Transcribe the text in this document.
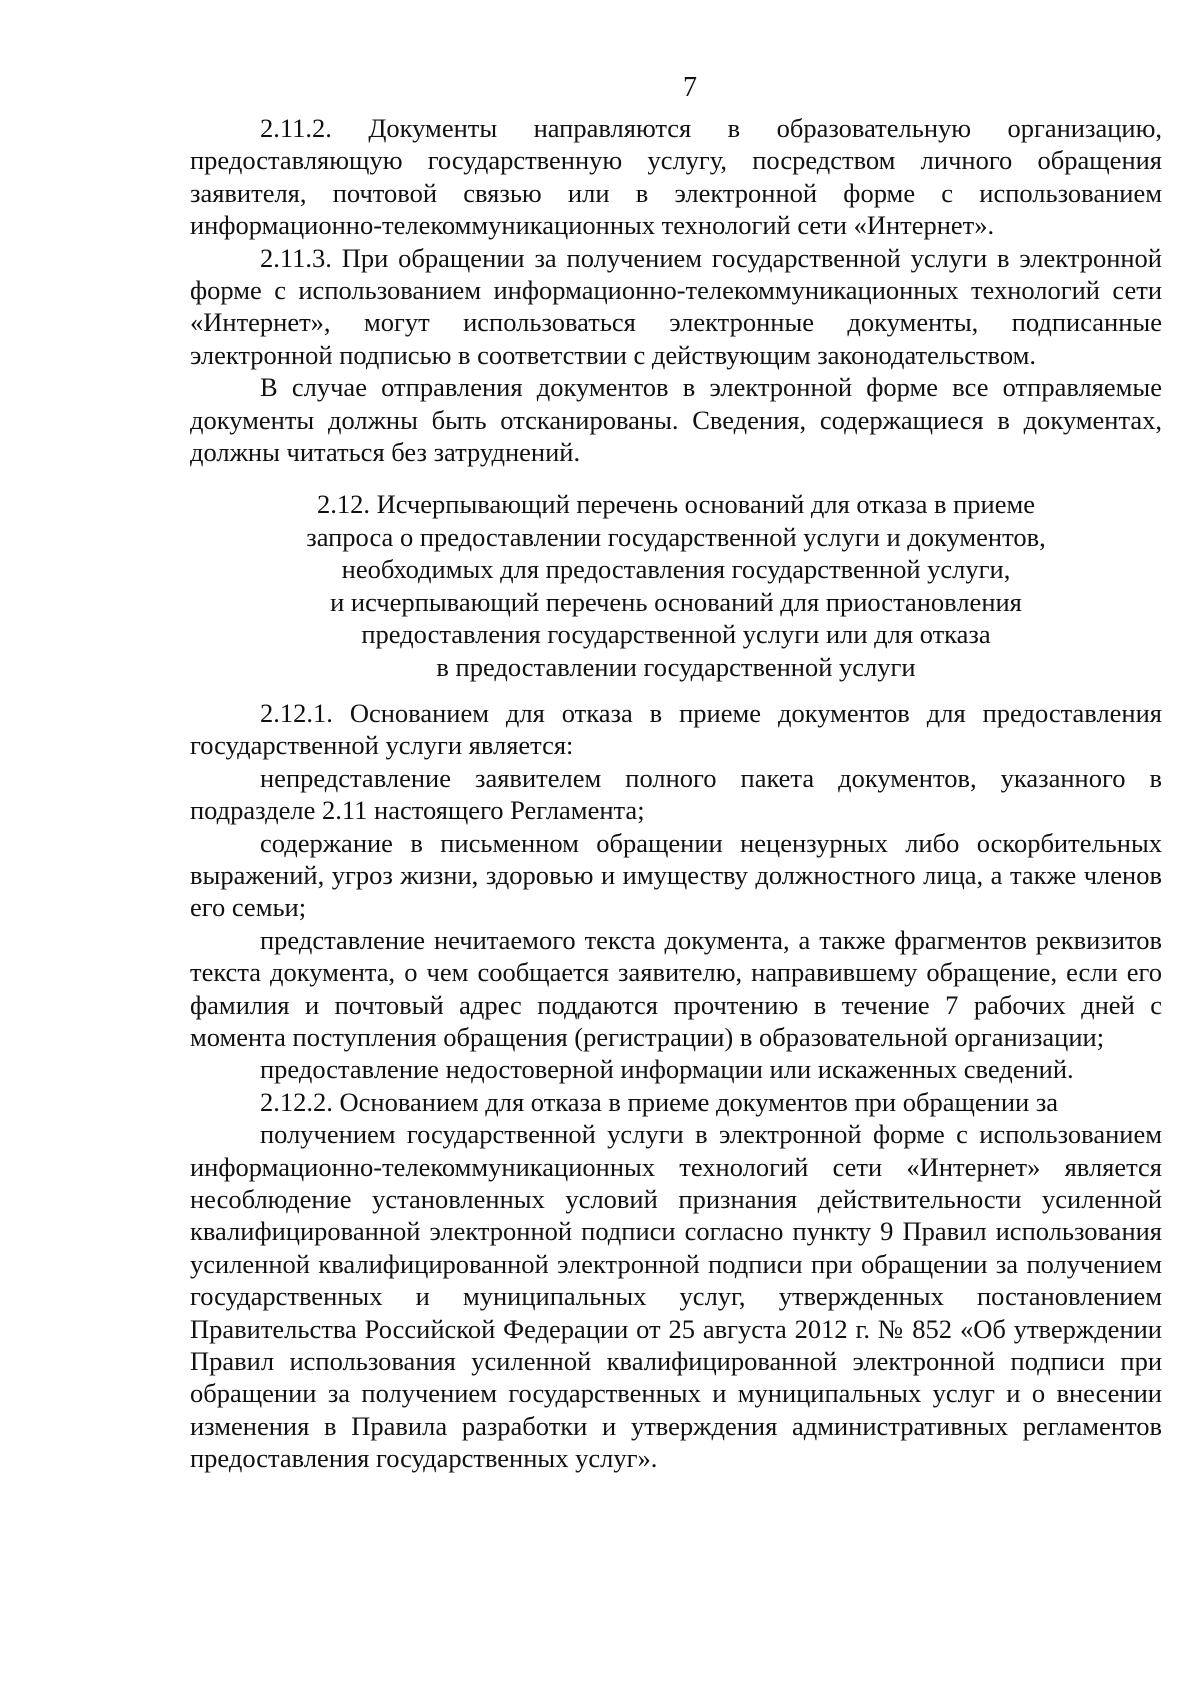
7

2.11.2. Документы направляются в образовательную организацию, предоставляющую государственную услугу, посредством личного обращения заявителя, почтовой связью или в электронной форме с использованием информационно-телекоммуникационных технологий сети «Интернет».

2.11.3. При обращении за получением государственной услуги в электронной форме с использованием информационно-телекоммуникационных технологий сети «Интернет», могут использоваться электронные документы, подписанные электронной подписью в соответствии с действующим законодательством.

В случае отправления документов в электронной форме все отправляемые документы должны быть отсканированы. Сведения, содержащиеся в документах, должны читаться без затруднений.

2.12. Исчерпывающий перечень оснований для отказа в приеме
запроса о предоставлении государственной услуги и документов,
необходимых для предоставления государственной услуги,
и исчерпывающий перечень оснований для приостановления
предоставления государственной услуги или для отказа
в предоставлении государственной услуги

2.12.1. Основанием для отказа в приеме документов для предоставления государственной услуги является:

непредставление заявителем полного пакета документов, указанного в подразделе 2.11 настоящего Регламента;

содержание в письменном обращении нецензурных либо оскорбительных выражений, угроз жизни, здоровью и имуществу должностного лица, а также членов его семьи;

представление нечитаемого текста документа, а также фрагментов реквизитов текста документа, о чем сообщается заявителю, направившему обращение, если его фамилия и почтовый адрес поддаются прочтению в течение 7 рабочих дней с момента поступления обращения (регистрации) в образовательной организации;

предоставление недостоверной информации или искаженных сведений.

2.12.2. Основанием для отказа в приеме документов при обращении за

получением государственной услуги в электронной форме с использованием информационно-телекоммуникационных технологий сети «Интернет» является несоблюдение установленных условий признания действительности усиленной квалифицированной электронной подписи согласно пункту 9 Правил использования усиленной квалифицированной электронной подписи при обращении за получением государственных и муниципальных услуг, утвержденных постановлением Правительства Российской Федерации от 25 августа 2012 г. № 852 «Об утверждении Правил использования усиленной квалифицированной электронной подписи при обращении за получением государственных и муниципальных услуг и о внесении изменения в Правила разработки и утверждения административных регламентов предоставления государственных услуг».
